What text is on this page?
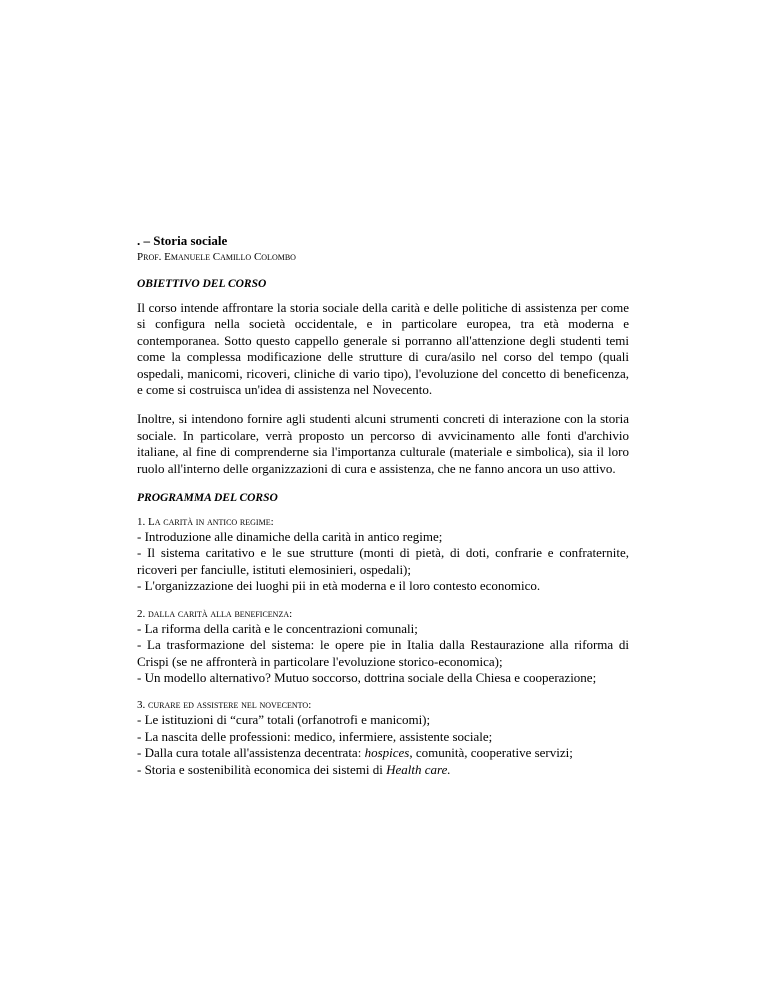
. – Storia sociale

Prof. Emanuele Camillo Colombo

OBIETTIVO DEL CORSO

Il corso intende affrontare la storia sociale della carità e delle politiche di assistenza per come si configura nella società occidentale, e in particolare europea, tra età moderna e contemporanea. Sotto questo cappello generale si porranno all'attenzione degli studenti temi come la complessa modificazione delle strutture di cura/asilo nel corso del tempo (quali ospedali, manicomi, ricoveri, cliniche di vario tipo), l'evoluzione del concetto di beneficenza, e come si costruisca un'idea di assistenza nel Novecento.

Inoltre, si intendono fornire agli studenti alcuni strumenti concreti di interazione con la storia sociale. In particolare, verrà proposto un percorso di avvicinamento alle fonti d'archivio italiane, al fine di comprenderne sia l'importanza culturale (materiale e simbolica), sia il loro ruolo all'interno delle organizzazioni di cura e assistenza, che ne fanno ancora un uso attivo.

PROGRAMMA DEL CORSO

1. La carità in antico regime:

- Introduzione alle dinamiche della carità in antico regime;
- Il sistema caritativo e le sue strutture (monti di pietà, di doti, confrarie e confraternite, ricoveri per fanciulle, istituti elemosinieri, ospedali);
- L'organizzazione dei luoghi pii in età moderna e il loro contesto economico.

2. dalla carità alla beneficenza:

- La riforma della carità e le concentrazioni comunali;
- La trasformazione del sistema: le opere pie in Italia dalla Restaurazione alla riforma di Crispi (se ne affronterà in particolare l'evoluzione storico-economica);
- Un modello alternativo? Mutuo soccorso, dottrina sociale della Chiesa e cooperazione;

3. curare ed assistere nel novecento:

- Le istituzioni di “cura” totali (orfanotrofi e manicomi);
- La nascita delle professioni: medico, infermiere, assistente sociale;
- Dalla cura totale all'assistenza decentrata: hospices, comunità, cooperative servizi;
- Storia e sostenibilità economica dei sistemi di Health care.
